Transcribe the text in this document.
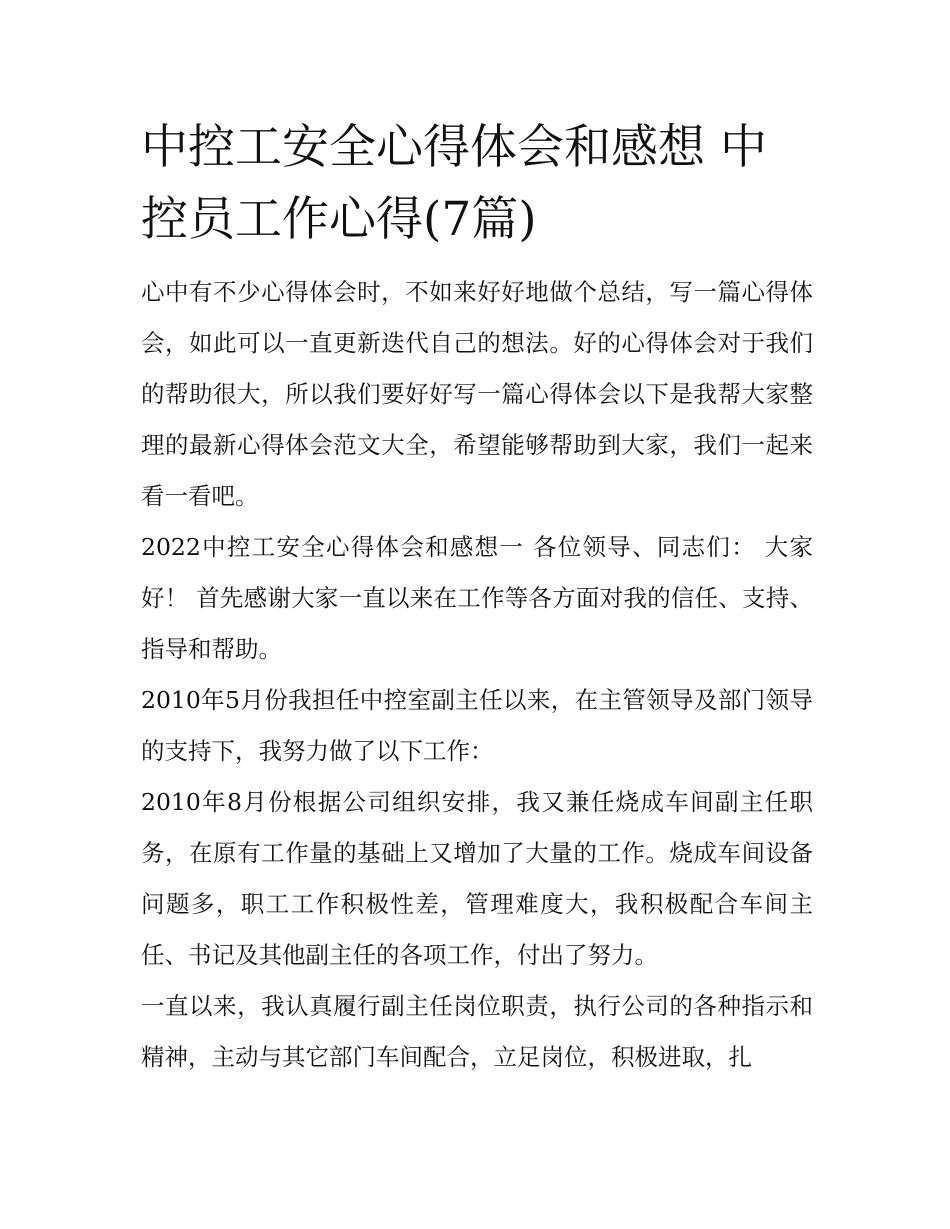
中控工安全心得体会和感想 中控员工作心得(7篇)

心中有不少心得体会时，不如来好好地做个总结，写一篇心得体会，如此可以一直更新迭代自己的想法。好的心得体会对于我们的帮助很大，所以我们要好好写一篇心得体会以下是我帮大家整理的最新心得体会范文大全，希望能够帮助到大家，我们一起来看一看吧。

2022中控工安全心得体会和感想一 各位领导、同志们： 大家好！ 首先感谢大家一直以来在工作等各方面对我的信任、支持、指导和帮助。

2010年5月份我担任中控室副主任以来，在主管领导及部门领导的支持下，我努力做了以下工作：

2010年8月份根据公司组织安排，我又兼任烧成车间副主任职务，在原有工作量的基础上又增加了大量的工作。烧成车间设备问题多，职工工作积极性差，管理难度大，我积极配合车间主任、书记及其他副主任的各项工作，付出了努力。

一直以来，我认真履行副主任岗位职责，执行公司的各种指示和精神，主动与其它部门车间配合，立足岗位，积极进取，扎
